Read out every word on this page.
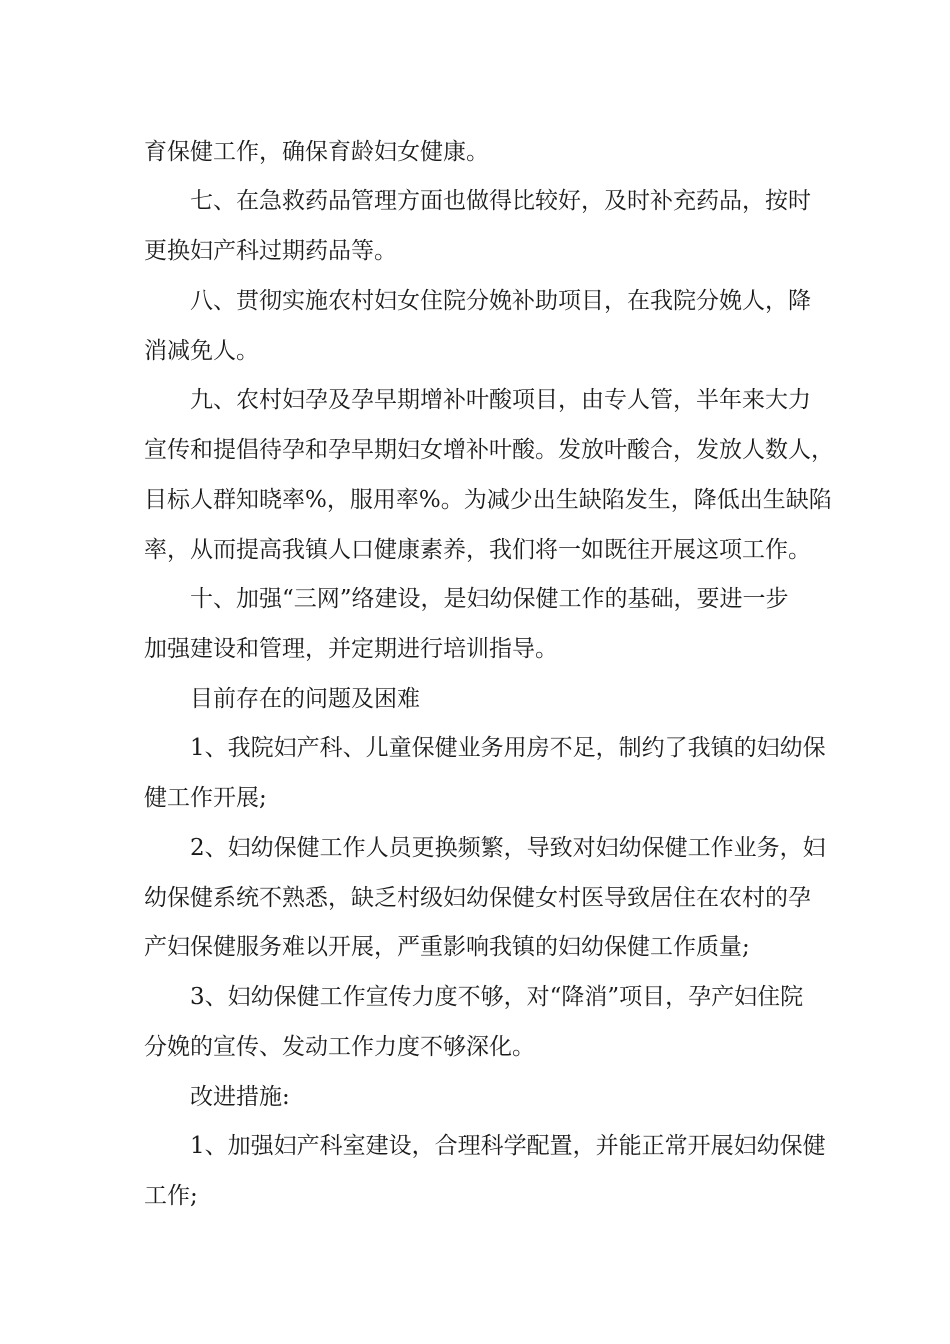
育保健工作，确保育龄妇女健康。
七、在急救药品管理方面也做得比较好，及时补充药品，按时
更换妇产科过期药品等。
八、贯彻实施农村妇女住院分娩补助项目，在我院分娩人，降
消减免人。
九、农村妇孕及孕早期增补叶酸项目，由专人管，半年来大力
宣传和提倡待孕和孕早期妇女增补叶酸。发放叶酸合，发放人数人，
目标人群知晓率%，服用率%。为减少出生缺陷发生，降低出生缺陷
率，从而提高我镇人口健康素养，我们将一如既往开展这项工作。
十、加强“三网”络建设，是妇幼保健工作的基础，要进一步
加强建设和管理，并定期进行培训指导。
目前存在的问题及困难
1、我院妇产科、儿童保健业务用房不足，制约了我镇的妇幼保
健工作开展;
2、妇幼保健工作人员更换频繁，导致对妇幼保健工作业务，妇
幼保健系统不熟悉，缺乏村级妇幼保健女村医导致居住在农村的孕
产妇保健服务难以开展，严重影响我镇的妇幼保健工作质量;
3、妇幼保健工作宣传力度不够，对“降消”项目，孕产妇住院
分娩的宣传、发动工作力度不够深化。
改进措施:
1、加强妇产科室建设，合理科学配置，并能正常开展妇幼保健
工作;
